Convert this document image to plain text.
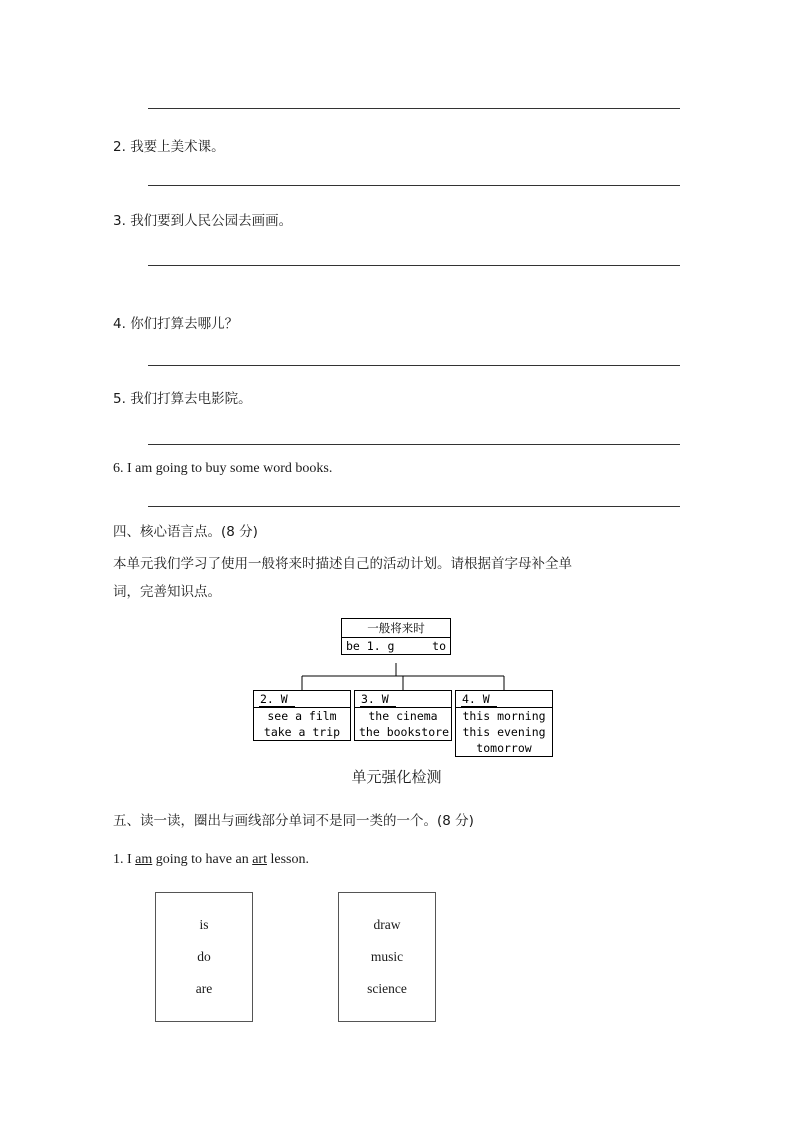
2. 我要上美术课。
3. 我们要到人民公园去画画。
4. 你们打算去哪儿？
5. 我们打算去电影院。
6. I am going to buy some word books.
四、核心语言点。(8 分)
本单元我们学习了使用一般将来时描述自己的活动计划。请根据首字母补全单
词，完善知识点。
一般将来时
be 1. g	to
2. W
see a film
take a trip
3. W
the cinema
the bookstore
4. W
this morning
this evening
tomorrow
单元强化检测
五、读一读，圈出与画线部分单词不是同一类的一个。(8 分)
1. I am going to have an art lesson.
is
do
are
draw
music
science
